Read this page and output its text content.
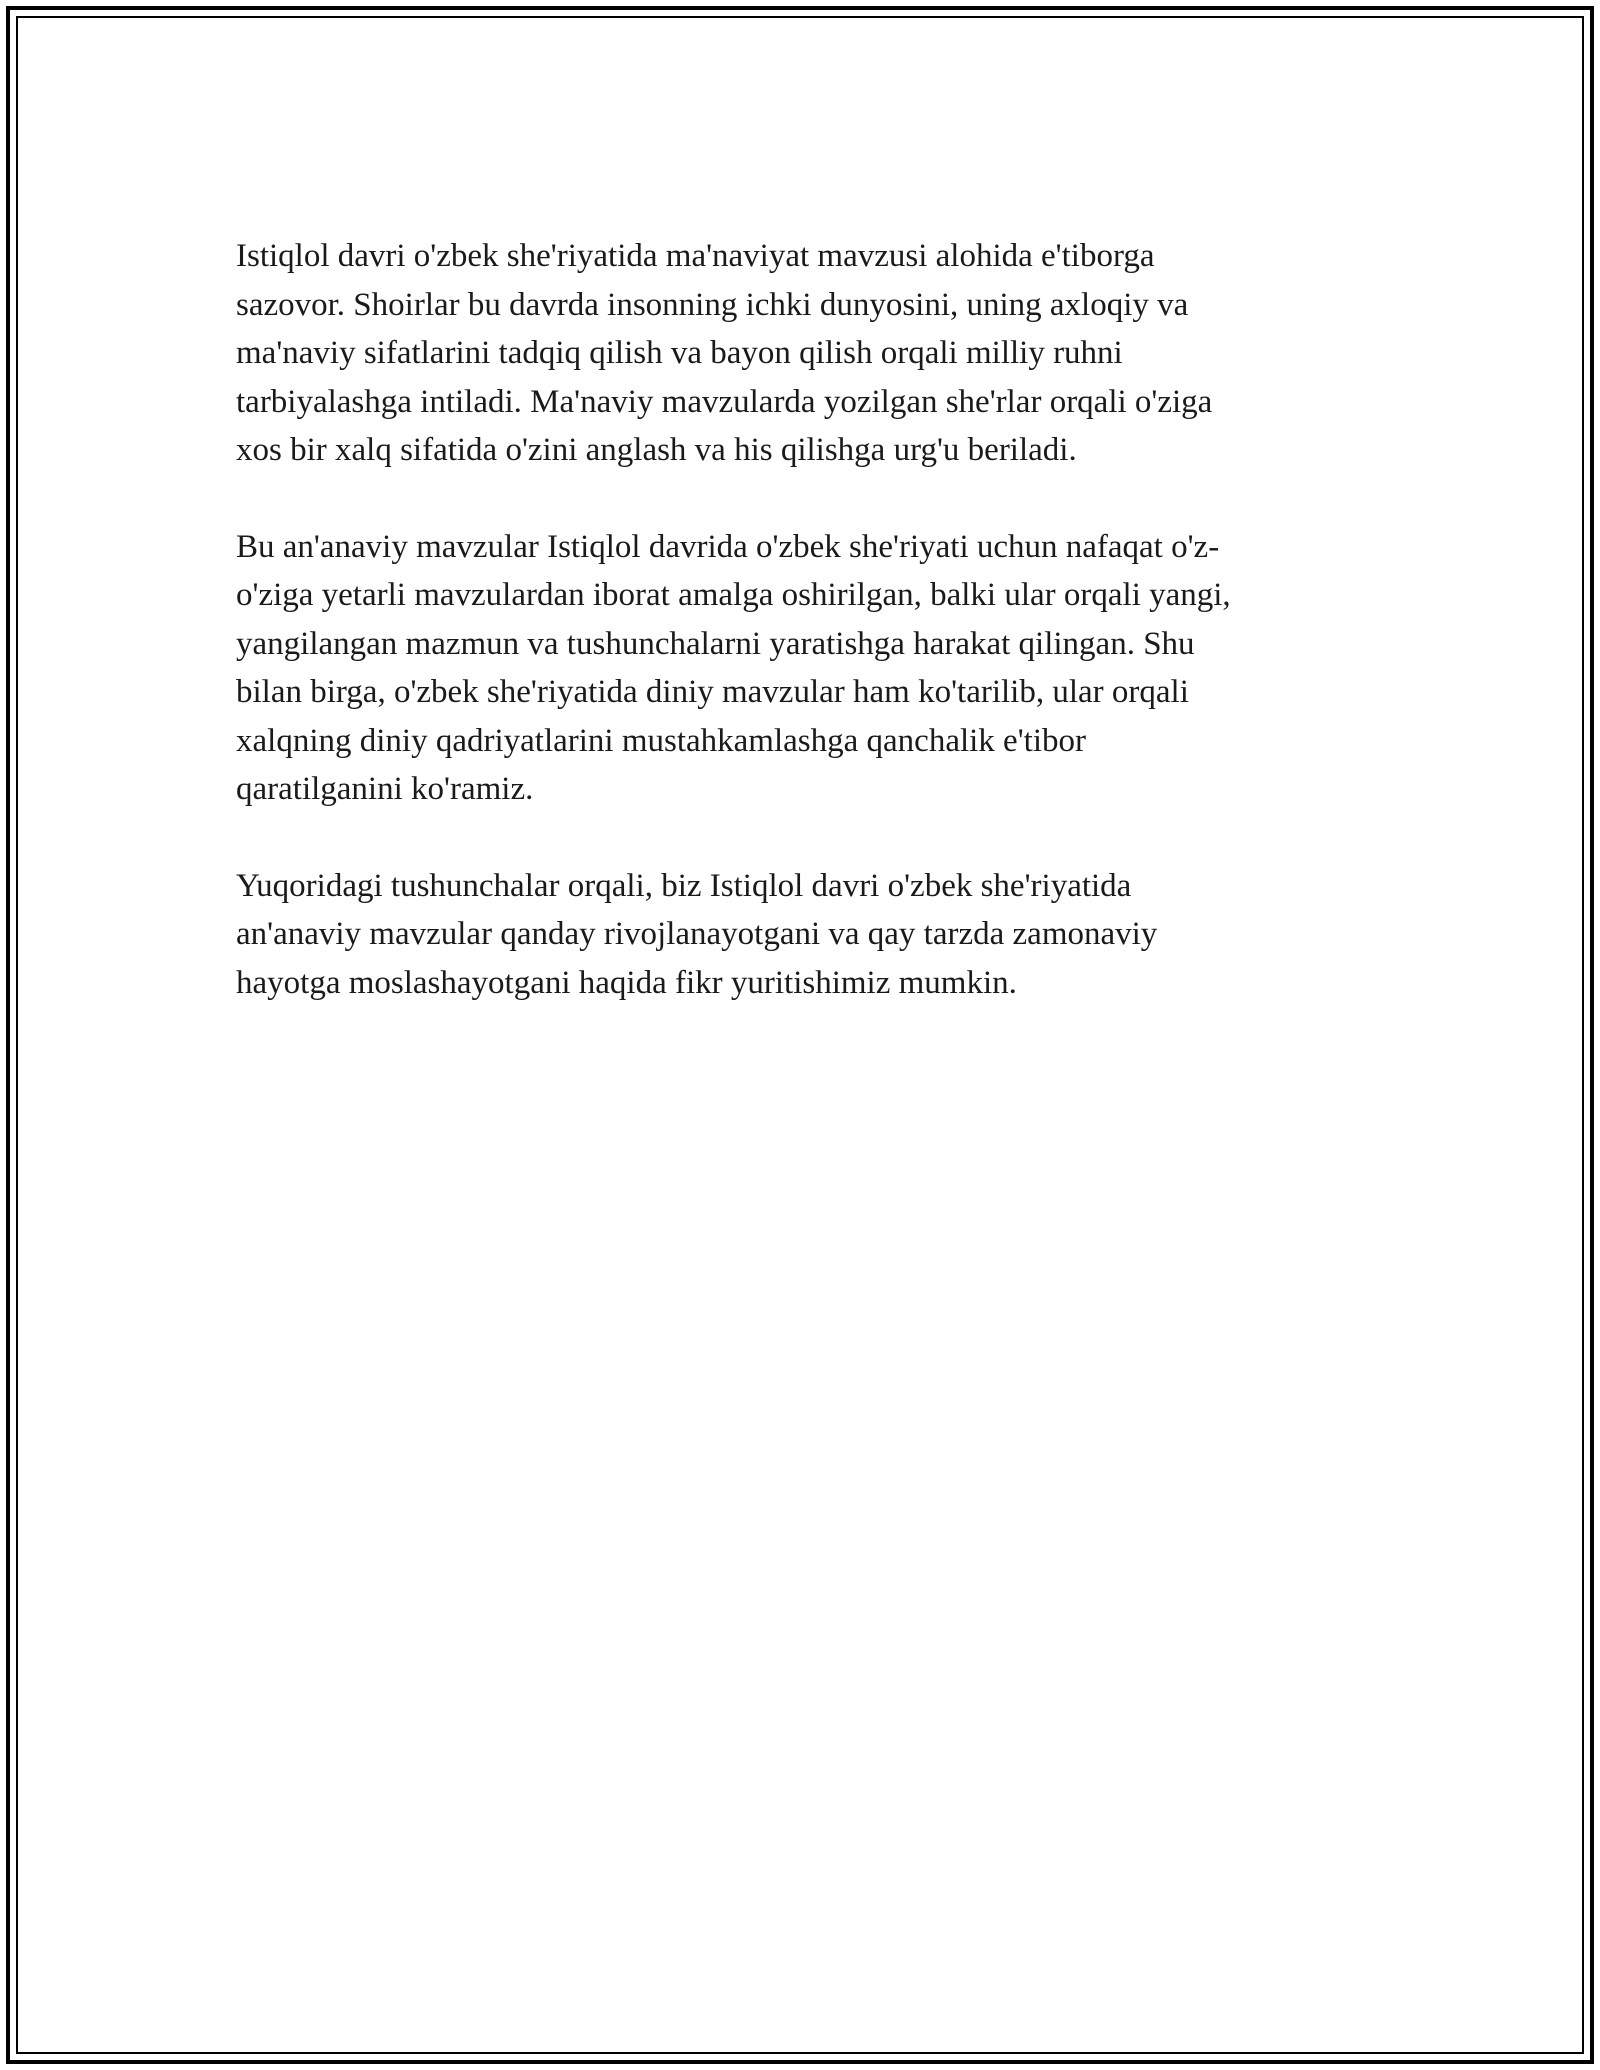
Istiqlol davri o'zbek she'riyatida ma'naviyat mavzusi alohida e'tiborga
sazovor. Shoirlar bu davrda insonning ichki dunyosini, uning axloqiy va
ma'naviy sifatlarini tadqiq qilish va bayon qilish orqali milliy ruhni
tarbiyalashga intiladi. Ma'naviy mavzularda yozilgan she'rlar orqali o'ziga
xos bir xalq sifatida o'zini anglash va his qilishga urg'u beriladi.

Bu an'anaviy mavzular Istiqlol davrida o'zbek she'riyati uchun nafaqat o'z-
o'ziga yetarli mavzulardan iborat amalga oshirilgan, balki ular orqali yangi,
yangilangan mazmun va tushunchalarni yaratishga harakat qilingan. Shu
bilan birga, o'zbek she'riyatida diniy mavzular ham ko'tarilib, ular orqali
xalqning diniy qadriyatlarini mustahkamlashga qanchalik e'tibor
qaratilganini ko'ramiz.

Yuqoridagi tushunchalar orqali, biz Istiqlol davri o'zbek she'riyatida
an'anaviy mavzular qanday rivojlanayotgani va qay tarzda zamonaviy
hayotga moslashayotgani haqida fikr yuritishimiz mumkin.
